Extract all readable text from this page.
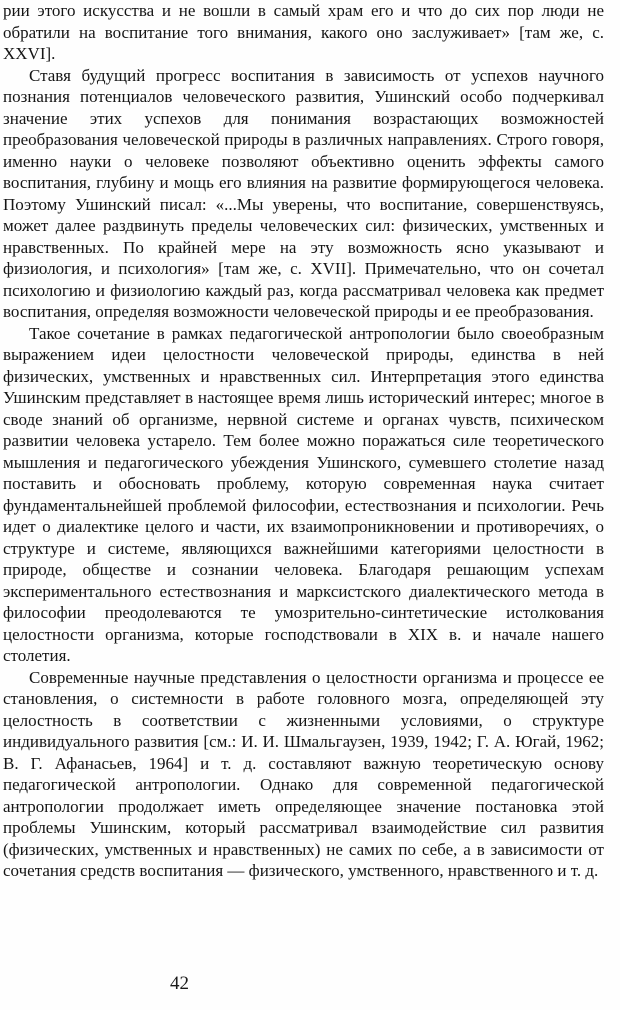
рии этого искусства и не вошли в самый храм его и что до сих пор люди не обратили на воспитание того внимания, какого оно заслуживает» [там же, с. XXVI].

Ставя будущий прогресс воспитания в зависимость от успехов научного познания потенциалов человеческого развития, Ушинский особо подчеркивал значение этих успехов для понимания возрастающих возможностей преобразования человеческой природы в различных направлениях. Строго говоря, именно науки о человеке позволяют объективно оценить эффекты самого воспитания, глубину и мощь его влияния на развитие формирующегося человека. Поэтому Ушинский писал: «...Мы уверены, что воспитание, совершенствуясь, может далее раздвинуть пределы человеческих сил: физических, умственных и нравственных. По крайней мере на эту возможность ясно указывают и физиология, и психология» [там же, с. XVII]. Примечательно, что он сочетал психологию и физиологию каждый раз, когда рассматривал человека как предмет воспитания, определяя возможности человеческой природы и ее преобразования.

Такое сочетание в рамках педагогической антропологии было своеобразным выражением идеи целостности человеческой природы, единства в ней физических, умственных и нравственных сил. Интерпретация этого единства Ушинским представляет в настоящее время лишь исторический интерес; многое в своде знаний об организме, нервной системе и органах чувств, психическом развитии человека устарело. Тем более можно поражаться силе теоретического мышления и педагогического убеждения Ушинского, сумевшего столетие назад поставить и обосновать проблему, которую современная наука считает фундаментальнейшей проблемой философии, естествознания и психологии. Речь идет о диалектике целого и части, их взаимопроникновении и противоречиях, о структуре и системе, являющихся важнейшими категориями целостности в природе, обществе и сознании человека. Благодаря решающим успехам экспериментального естествознания и марксистского диалектического метода в философии преодолеваются те умозрительно-синтетические истолкования целостности организма, которые господствовали в XIX в. и начале нашего столетия.

Современные научные представления о целостности организма и процессе ее становления, о системности в работе головного мозга, определяющей эту целостность в соответствии с жизненными условиями, о структуре индивидуального развития [см.: И. И. Шмальгаузен, 1939, 1942; Г. А. Югай, 1962; В. Г. Афанасьев, 1964] и т. д. составляют важную теоретическую основу педагогической антропологии. Однако для современной педагогической антропологии продолжает иметь определяющее значение постановка этой проблемы Ушинским, который рассматривал взаимодействие сил развития (физических, умственных и нравственных) не самих по себе, а в зависимости от сочетания средств воспитания — физического, умственного, нравственного и т. д.

42
